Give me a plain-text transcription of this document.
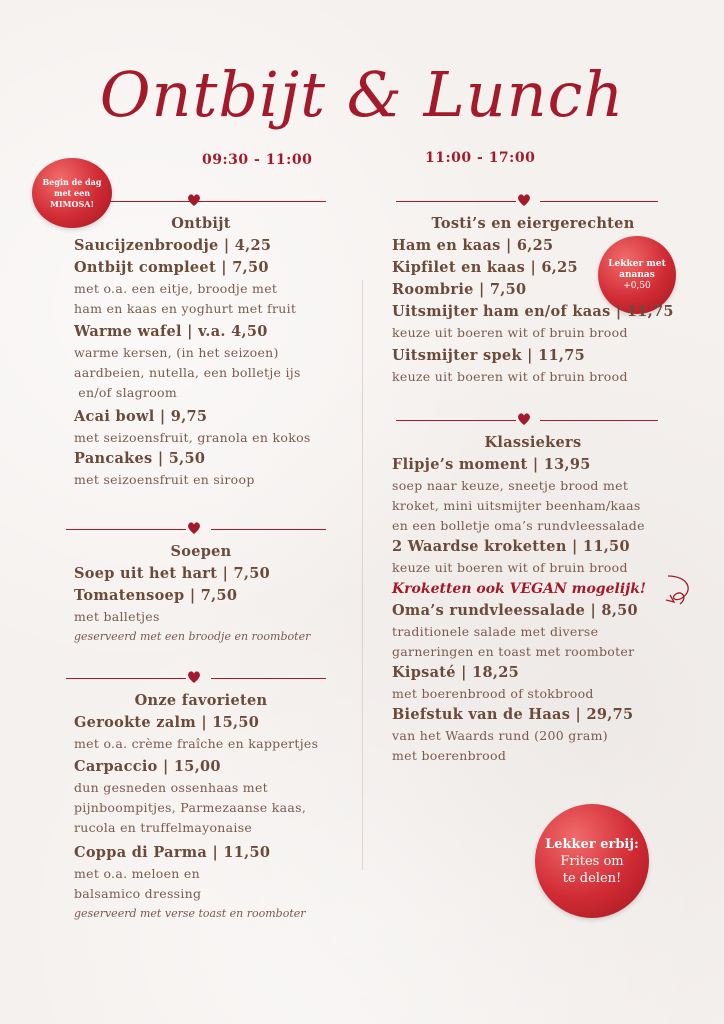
Ontbijt & Lunch
09:30 - 11:00	11:00 - 17:00
Begin de dag
met een
MIMOSA!
Lekker met
ananas
+0,50
Lekker erbij:
Frites om
te delen!
Ontbijt
Saucijzenbroodje | 4,25
Ontbijt compleet | 7,50
met o.a. een eitje, broodje met
ham en kaas en yoghurt met fruit
Warme wafel | v.a. 4,50
warme kersen, (in het seizoen)
aardbeien, nutella, een bolletje ijs
en/of slagroom
Acai bowl | 9,75
met seizoensfruit, granola en kokos
Pancakes | 5,50
met seizoensfruit en siroop
Soepen
Soep uit het hart | 7,50
Tomatensoep | 7,50
met balletjes
geserveerd met een broodje en roomboter
Onze favorieten
Gerookte zalm | 15,50
met o.a. crème fraîche en kappertjes
Carpaccio | 15,00
dun gesneden ossenhaas met
pijnboompitjes, Parmezaanse kaas,
rucola en truffelmayonaise
Coppa di Parma | 11,50
met o.a. meloen en
balsamico dressing
geserveerd met verse toast en roomboter
Tosti’s en eiergerechten
Ham en kaas | 6,25
Kipfilet en kaas | 6,25
Roombrie | 7,50
Uitsmijter ham en/of kaas | 11,75
keuze uit boeren wit of bruin brood
Uitsmijter spek | 11,75
keuze uit boeren wit of bruin brood
Klassiekers
Flipje’s moment | 13,95
soep naar keuze, sneetje brood met
kroket, mini uitsmijter beenham/kaas
en een bolletje oma’s rundvleessalade
2 Waardse kroketten | 11,50
keuze uit boeren wit of bruin brood
Kroketten ook VEGAN mogelijk!
Oma’s rundvleessalade | 8,50
traditionele salade met diverse
garneringen en toast met roomboter
Kipsaté | 18,25
met boerenbrood of stokbrood
Biefstuk van de Haas | 29,75
van het Waards rund (200 gram)
met boerenbrood
